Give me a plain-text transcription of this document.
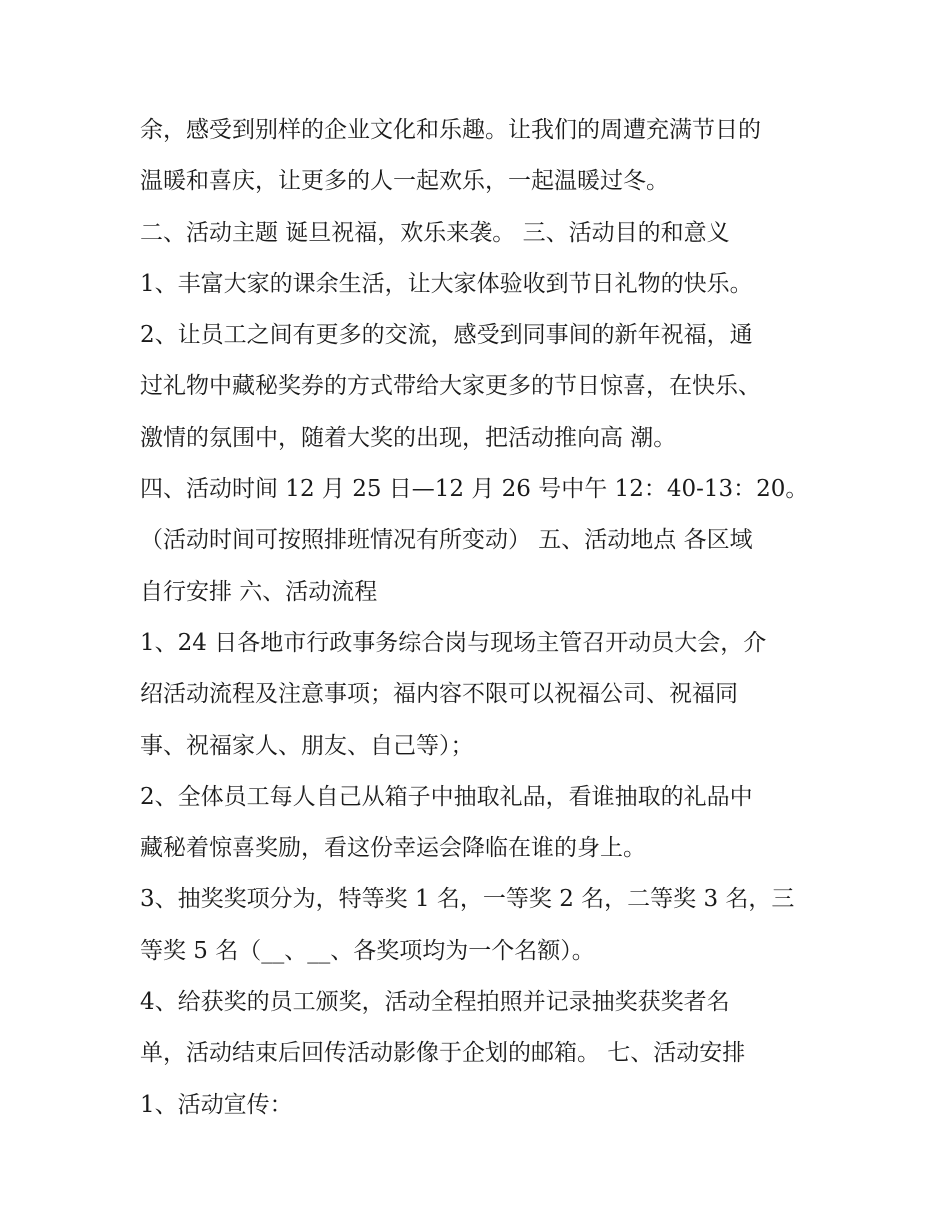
余，感受到别样的企业文化和乐趣。让我们的周遭充满节日的
温暖和喜庆，让更多的人一起欢乐，一起温暖过冬。
二、活动主题 诞旦祝福，欢乐来袭。 三、活动目的和意义
1、丰富大家的课余生活，让大家体验收到节日礼物的快乐。
2、让员工之间有更多的交流，感受到同事间的新年祝福，通
过礼物中藏秘奖券的方式带给大家更多的节日惊喜，在快乐、
激情的氛围中，随着大奖的出现，把活动推向高 潮。
四、活动时间 12 月 25 日—12 月 26 号中午 12：40-13：20。
（活动时间可按照排班情况有所变动） 五、活动地点 各区域
自行安排 六、活动流程
1、24 日各地市行政事务综合岗与现场主管召开动员大会，介
绍活动流程及注意事项；福内容不限可以祝福公司、祝福同
事、祝福家人、朋友、自己等）；
2、全体员工每人自己从箱子中抽取礼品，看谁抽取的礼品中
藏秘着惊喜奖励，看这份幸运会降临在谁的身上。
3、抽奖奖项分为，特等奖 1 名，一等奖 2 名，二等奖 3 名，三
等奖 5 名（__、__、各奖项均为一个名额）。
4、给获奖的员工颁奖，活动全程拍照并记录抽奖获奖者名
单，活动结束后回传活动影像于企划的邮箱。 七、活动安排
1、活动宣传：
